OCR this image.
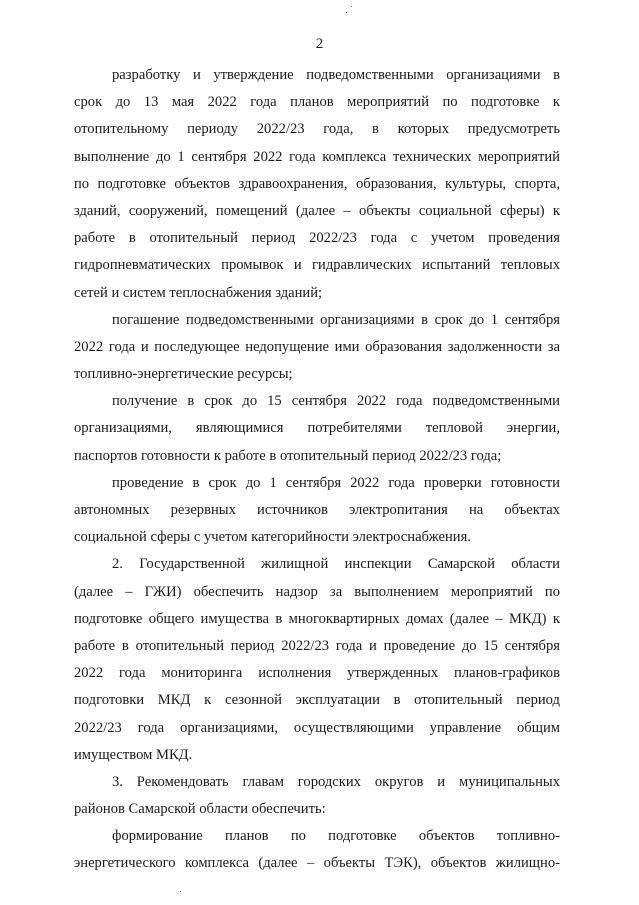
2
разработку и утверждение подведомственными организациями в
срок до 13 мая 2022 года планов мероприятий по подготовке к
отопительному периоду 2022/23 года, в которых предусмотреть
выполнение до 1 сентября 2022 года комплекса технических мероприятий
по подготовке объектов здравоохранения, образования, культуры, спорта,
зданий, сооружений, помещений (далее – объекты социальной сферы) к
работе в отопительный период 2022/23 года с учетом проведения
гидропневматических промывок и гидравлических испытаний тепловых
сетей и систем теплоснабжения зданий;
погашение подведомственными организациями в срок до 1 сентября
2022 года и последующее недопущение ими образования задолженности за
топливно-энергетические ресурсы;
получение в срок до 15 сентября 2022 года подведомственными
организациями, являющимися потребителями тепловой энергии,
паспортов готовности к работе в отопительный период 2022/23 года;
проведение в срок до 1 сентября 2022 года проверки готовности
автономных резервных источников электропитания на объектах
социальной сферы с учетом категорийности электроснабжения.
2. Государственной жилищной инспекции Самарской области
(далее – ГЖИ) обеспечить надзор за выполнением мероприятий по
подготовке общего имущества в многоквартирных домах (далее – МКД) к
работе в отопительный период 2022/23 года и проведение до 15 сентября
2022 года мониторинга исполнения утвержденных планов-графиков
подготовки МКД к сезонной эксплуатации в отопительный период
2022/23 года организациями, осуществляющими управление общим
имуществом МКД.
3. Рекомендовать главам городских округов и муниципальных
районов Самарской области обеспечить:
формирование планов по подготовке объектов топливно-
энергетического комплекса (далее – объекты ТЭК), объектов жилищно-
